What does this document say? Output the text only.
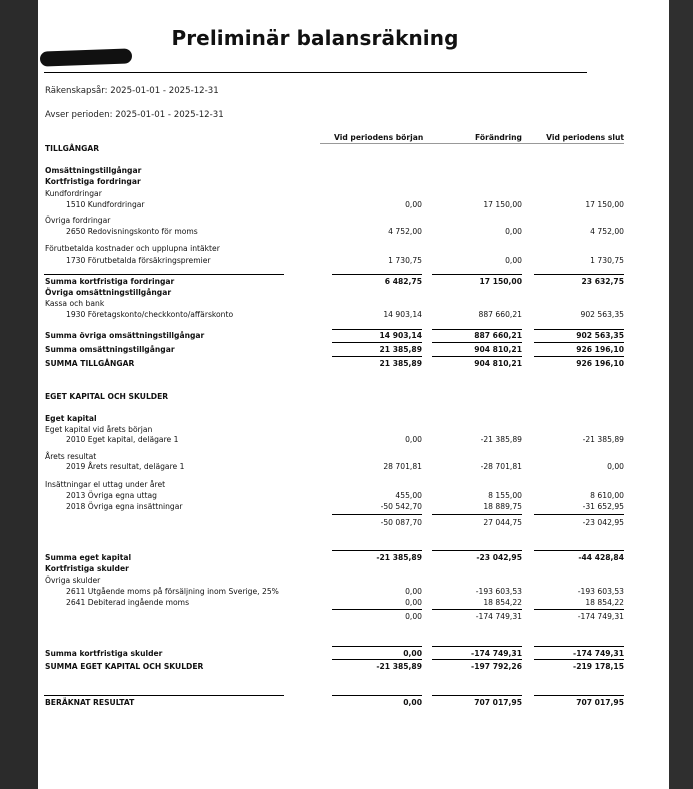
Preliminär balansräkning
Räkenskapsår: 2025-01-01 - 2025-12-31
Avser perioden: 2025-01-01 - 2025-12-31
Vid periodens början	Förändring	Vid periodens slut
TILLGÅNGAR
Omsättningstillgångar
Kortfristiga fordringar
Kundfordringar
1510 Kundfordringar	0,00	17 150,00	17 150,00
Övriga fordringar
2650 Redovisningskonto för moms	4 752,00	0,00	4 752,00
Förutbetalda kostnader och upplupna intäkter
1730 Förutbetalda försäkringspremier	1 730,75	0,00	1 730,75
Summa kortfristiga fordringar	6 482,75	17 150,00	23 632,75
Övriga omsättningstillgångar
Kassa och bank
1930 Företagskonto/checkkonto/affärskonto	14 903,14	887 660,21	902 563,35
Summa övriga omsättningstillgångar	14 903,14	887 660,21	902 563,35
Summa omsättningstillgångar	21 385,89	904 810,21	926 196,10
SUMMA TILLGÅNGAR	21 385,89	904 810,21	926 196,10
EGET KAPITAL OCH SKULDER
Eget kapital
Eget kapital vid årets början
2010 Eget kapital, delägare 1	0,00	-21 385,89	-21 385,89
Årets resultat
2019 Årets resultat, delägare 1	28 701,81	-28 701,81	0,00
Insättningar el uttag under året
2013 Övriga egna uttag	455,00	8 155,00	8 610,00
2018 Övriga egna insättningar	-50 542,70	18 889,75	-31 652,95
-50 087,70	27 044,75	-23 042,95
Summa eget kapital	-21 385,89	-23 042,95	-44 428,84
Kortfristiga skulder
Övriga skulder
2611 Utgående moms på försäljning inom Sverige, 25%	0,00	-193 603,53	-193 603,53
2641 Debiterad ingående moms	0,00	18 854,22	18 854,22
0,00	-174 749,31	-174 749,31
Summa kortfristiga skulder	0,00	-174 749,31	-174 749,31
SUMMA EGET KAPITAL OCH SKULDER	-21 385,89	-197 792,26	-219 178,15
BERÄKNAT RESULTAT	0,00	707 017,95	707 017,95
